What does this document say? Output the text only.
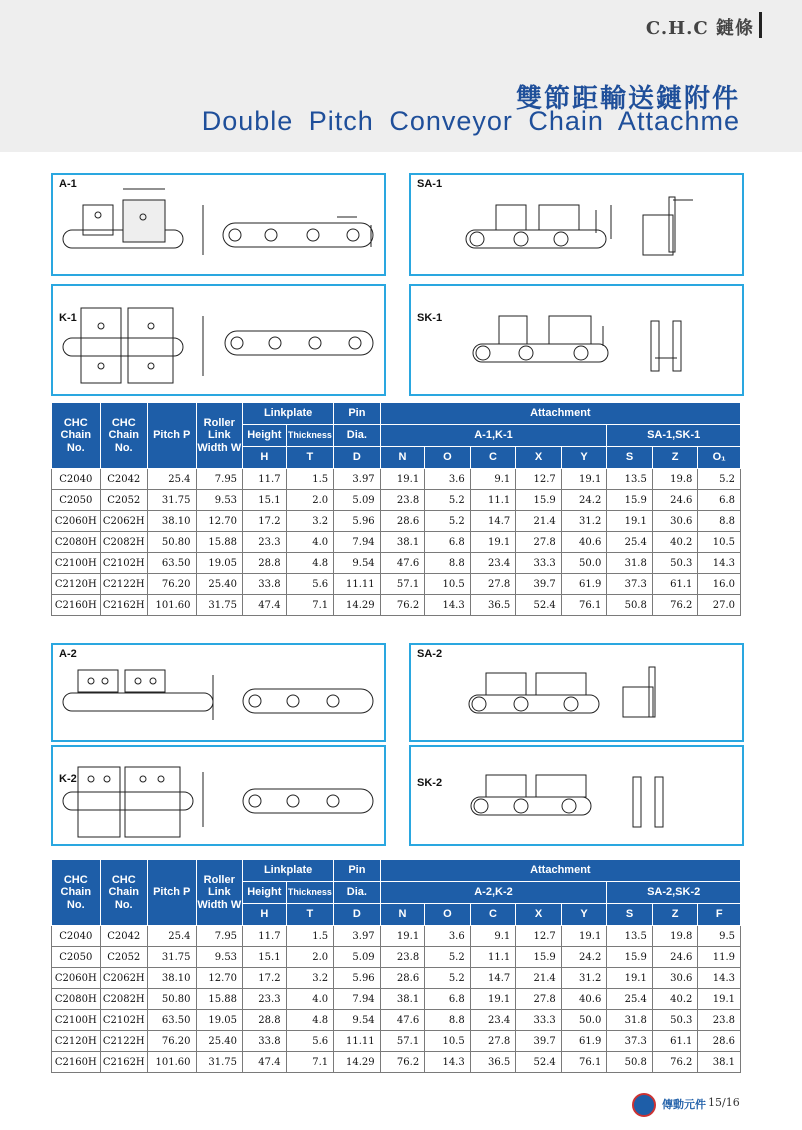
C.H.C 鏈條
雙節距輸送鏈附件
Double Pitch Conveyor Chain Attachme
A-1	SA-1
K-1	SK-1
CHC Chain No.	CHC Chain No.	Pitch P	Roller Link Width W	Linkplate		Pin	Attachment							
				Height	Thickness	Dia.	A-1,K-1					SA-1,SK-1		
				H	T	D	N	O	C	X	Y	S	Z	O₁
C2040	C2042	25.4	7.95	11.7	1.5	3.97	19.1	3.6	9.1	12.7	19.1	13.5	19.8	5.2
C2050	C2052	31.75	9.53	15.1	2.0	5.09	23.8	5.2	11.1	15.9	24.2	15.9	24.6	6.8
C2060H	C2062H	38.10	12.70	17.2	3.2	5.96	28.6	5.2	14.7	21.4	31.2	19.1	30.6	8.8
C2080H	C2082H	50.80	15.88	23.3	4.0	7.94	38.1	6.8	19.1	27.8	40.6	25.4	40.2	10.5
C2100H	C2102H	63.50	19.05	28.8	4.8	9.54	47.6	8.8	23.4	33.3	50.0	31.8	50.3	14.3
C2120H	C2122H	76.20	25.40	33.8	5.6	11.11	57.1	10.5	27.8	39.7	61.9	37.3	61.1	16.0
C2160H	C2162H	101.60	31.75	47.4	7.1	14.29	76.2	14.3	36.5	52.4	76.1	50.8	76.2	27.0
A-2	SA-2
K-2	SK-2
CHC Chain No.	CHC Chain No.	Pitch P	Roller Link Width W	Linkplate		Pin	Attachment							
				Height	Thickness	Dia.	A-2,K-2					SA-2,SK-2		
				H	T	D	N	O	C	X	Y	S	Z	F
C2040	C2042	25.4	7.95	11.7	1.5	3.97	19.1	3.6	9.1	12.7	19.1	13.5	19.8	9.5
C2050	C2052	31.75	9.53	15.1	2.0	5.09	23.8	5.2	11.1	15.9	24.2	15.9	24.6	11.9
C2060H	C2062H	38.10	12.70	17.2	3.2	5.96	28.6	5.2	14.7	21.4	31.2	19.1	30.6	14.3
C2080H	C2082H	50.80	15.88	23.3	4.0	7.94	38.1	6.8	19.1	27.8	40.6	25.4	40.2	19.1
C2100H	C2102H	63.50	19.05	28.8	4.8	9.54	47.6	8.8	23.4	33.3	50.0	31.8	50.3	23.8
C2120H	C2122H	76.20	25.40	33.8	5.6	11.11	57.1	10.5	27.8	39.7	61.9	37.3	61.1	28.6
C2160H	C2162H	101.60	31.75	47.4	7.1	14.29	76.2	14.3	36.5	52.4	76.1	50.8	76.2	38.1
傳動元件 15/16
